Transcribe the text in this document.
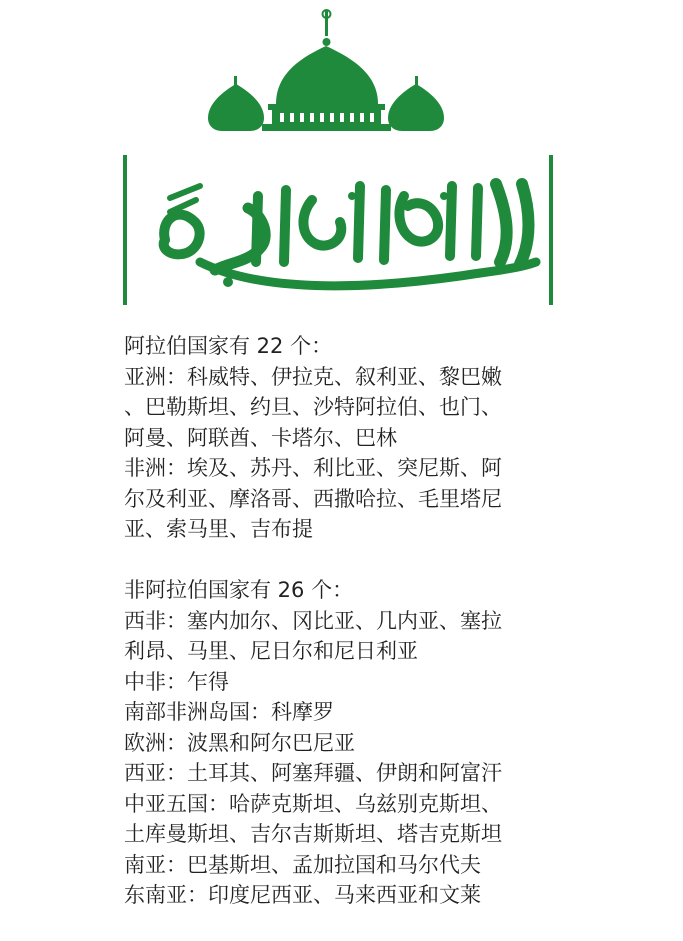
阿拉伯国家有 22 个：
亚洲：科威特、伊拉克、叙利亚、黎巴嫩
、巴勒斯坦、约旦、沙特阿拉伯、也门、
阿曼、阿联酋、卡塔尔、巴林
非洲：埃及、苏丹、利比亚、突尼斯、阿
尔及利亚、摩洛哥、西撒哈拉、毛里塔尼
亚、索马里、吉布提
非阿拉伯国家有 26 个：
西非：塞内加尔、冈比亚、几内亚、塞拉
利昂、马里、尼日尔和尼日利亚
中非：乍得
南部非洲岛国：科摩罗
欧洲：波黑和阿尔巴尼亚
西亚：土耳其、阿塞拜疆、伊朗和阿富汗
中亚五国：哈萨克斯坦、乌兹别克斯坦、
土库曼斯坦、吉尔吉斯斯坦、塔吉克斯坦
南亚：巴基斯坦、孟加拉国和马尔代夫
东南亚：印度尼西亚、马来西亚和文莱
